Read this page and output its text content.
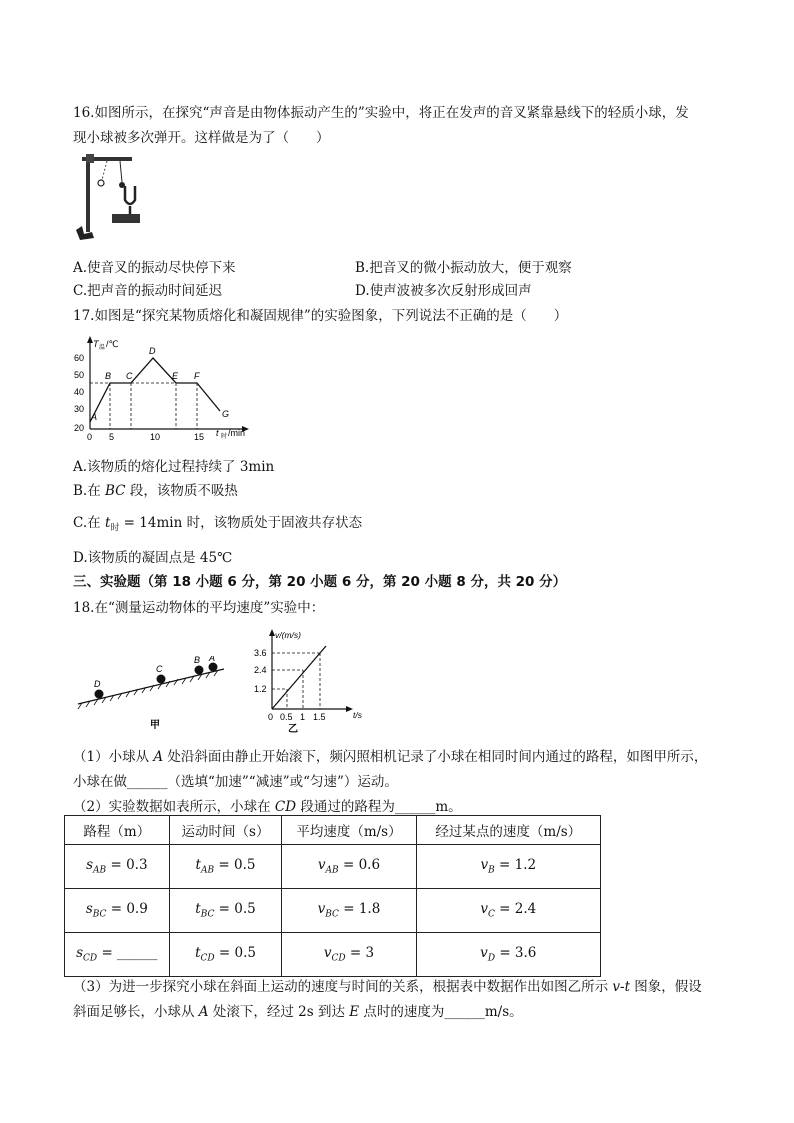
16.如图所示，在探究“声音是由物体振动产生的”实验中，将正在发声的音叉紧靠悬线下的轻质小球，发
现小球被多次弹开。这样做是为了（　　）
A.使音叉的振动尽快停下来	B.把音叉的微小振动放大，便于观察
C.把声音的振动时间延迟	D.使声波被多次反射形成回声
17.如图是“探究某物质熔化和凝固规律”的实验图象，下列说法不正确的是（　　）
T 温 /℃
60
50
40
30
20
0 5	10	15 t 时 /min
A
B C
D
E F
G
A.该物质的熔化过程持续了 3min
B.在 BC 段，该物质不吸热
C.在 $t_时 = 14\min$ 时，该物质处于固液共存状态
D.该物质的凝固点是 45℃
三、实验题（第 18 小题 6 分，第 20 小题 6 分，第 20 小题 8 分，共 20 分）
18.在“测量运动物体的平均速度”实验中：
D
C
B A
甲
v/(m/s)
t/s
3.6
2.4
1.2
0 0.5 1 1.5
乙
（1）小球从 A 处沿斜面由静止开始滚下，频闪照相机记录了小球在相同时间内通过的路程，如图甲所示，
小球在做______（选填“加速”“减速”或“匀速”）运动。
（2）实验数据如表所示，小球在 CD 段通过的路程为______m。
路程（m）	运动时间（s）	平均速度（m/s）	经过某点的速度（m/s）
$s_{AB} = 0.3$	$t_{AB} = 0.5$	$v_{AB} = 0.6$	$v_B = 1.2$
$s_{BC} = 0.9$	$t_{BC} = 0.5$	$v_{BC} = 1.8$	$v_C = 2.4$
$s_{CD}$ = ______	$t_{CD} = 0.5$	$v_{CD} = 3$	$v_D = 3.6$
（3）为进一步探究小球在斜面上运动的速度与时间的关系，根据表中数据作出如图乙所示 v-t 图象，假设
斜面足够长，小球从 A 处滚下，经过 2s 到达 E 点时的速度为______m/s。
